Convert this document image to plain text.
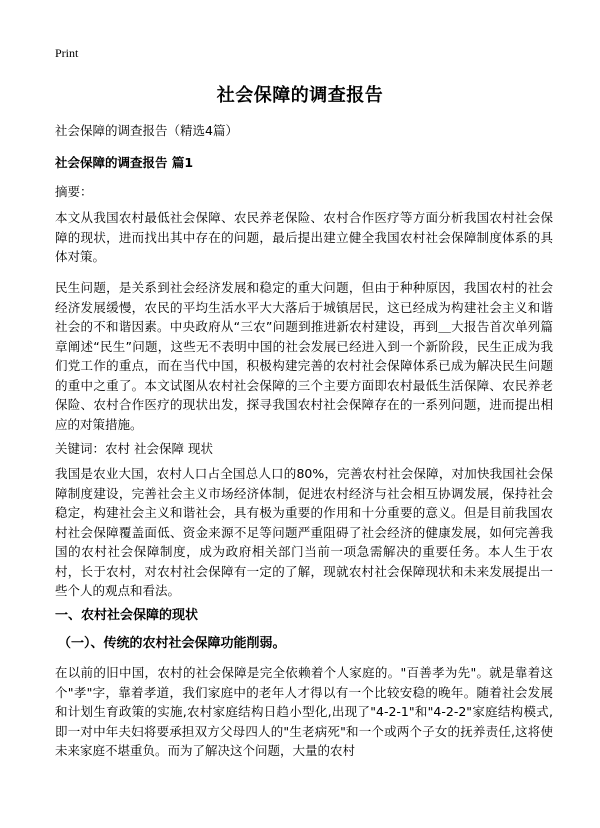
Print
社会保障的调查报告
社会保障的调查报告（精选4篇）
社会保障的调查报告 篇1
摘要：
本文从我国农村最低社会保障、农民养老保险、农村合作医疗等方面分析我国农村社会保障的现状，进而找出其中存在的问题，最后提出建立健全我国农村社会保障制度体系的具体对策。
民生问题，是关系到社会经济发展和稳定的重大问题，但由于种种原因，我国农村的社会经济发展缓慢，农民的平均生活水平大大落后于城镇居民，这已经成为构建社会主义和谐社会的不和谐因素。中央政府从“三农”问题到推进新农村建设，再到＿大报告首次单列篇章阐述“民生”问题，这些无不表明中国的社会发展已经进入到一个新阶段，民生正成为我们党工作的重点，而在当代中国，积极构建完善的农村社会保障体系已成为解决民生问题的重中之重了。本文试图从农村社会保障的三个主要方面即农村最低生活保障、农民养老保险、农村合作医疗的现状出发，探寻我国农村社会保障存在的一系列问题，进而提出相应的对策措施。
关键词：农村 社会保障 现状
我国是农业大国，农村人口占全国总人口的80%，完善农村社会保障，对加快我国社会保障制度建设，完善社会主义市场经济体制，促进农村经济与社会相互协调发展，保持社会稳定，构建社会主义和谐社会，具有极为重要的作用和十分重要的意义。但是目前我国农村社会保障覆盖面低、资金来源不足等问题严重阻碍了社会经济的健康发展，如何完善我国的农村社会保障制度，成为政府相关部门当前一项急需解决的重要任务。本人生于农村，长于农村，对农村社会保障有一定的了解，现就农村社会保障现状和未来发展提出一些个人的观点和看法。
一、农村社会保障的现状
（一）、传统的农村社会保障功能削弱。
在以前的旧中国，农村的社会保障是完全依赖着个人家庭的。"百善孝为先"。就是靠着这个"孝"字，靠着孝道，我们家庭中的老年人才得以有一个比较安稳的晚年。随着社会发展和计划生育政策的实施,农村家庭结构日趋小型化,出现了"4-2-1"和"4-2-2"家庭结构模式,即一对中年夫妇将要承担双方父母四人的"生老病死"和一个或两个子女的抚养责任,这将使未来家庭不堪重负。而为了解决这个问题，大量的农村
